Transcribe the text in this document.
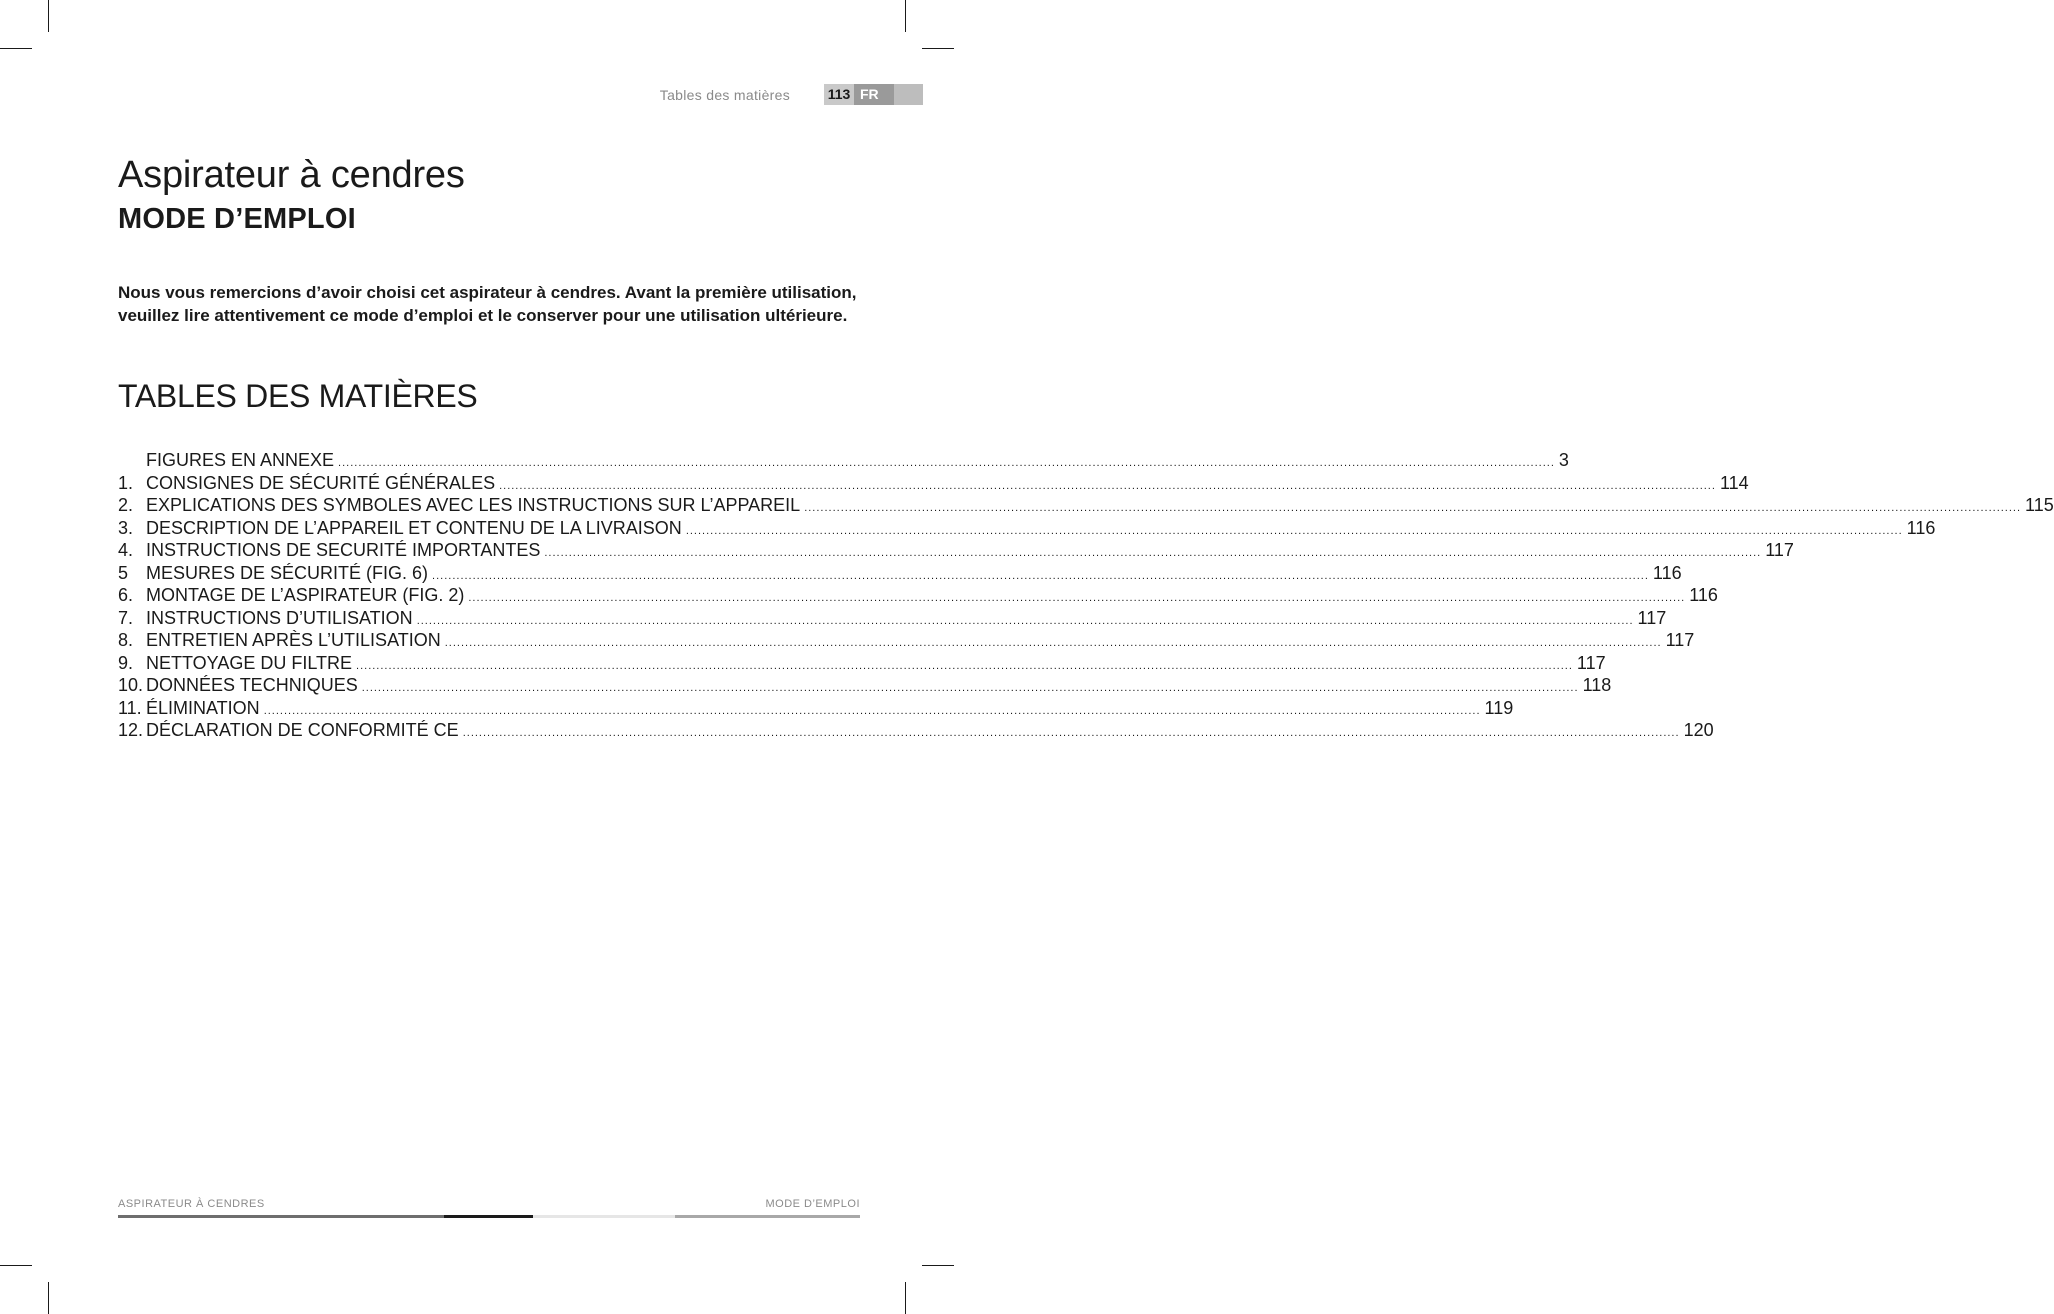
Tables des matières	113 FR
Aspirateur à cendres
MODE D’EMPLOI

Nous vous remercions d’avoir choisi cet aspirateur à cendres. Avant la première utilisation, veuillez lire attentivement ce mode d’emploi et le conserver pour une utilisation ultérieure.

TABLES DES MATIÈRES
FIGURES EN ANNEXE ............................................................................................................................................................................................................................................................................................................ 3
1. CONSIGNES DE SÉCURITÉ GÉNÉRALES ............................................................................................................................................................................................................................................................................................................ 114
2. EXPLICATIONS DES SYMBOLES AVEC LES INSTRUCTIONS SUR L’APPAREIL ............................................................................................................................................................................................................................................................................................................ 115
3. DESCRIPTION DE L’APPAREIL ET CONTENU DE LA LIVRAISON ............................................................................................................................................................................................................................................................................................................ 116
4. INSTRUCTIONS DE SECURITÉ IMPORTANTES ............................................................................................................................................................................................................................................................................................................ 117
5 MESURES DE SÉCURITÉ (FIG. 6) ............................................................................................................................................................................................................................................................................................................ 116
6. MONTAGE DE L’ASPIRATEUR (FIG. 2) ............................................................................................................................................................................................................................................................................................................ 116
7. INSTRUCTIONS D’UTILISATION ............................................................................................................................................................................................................................................................................................................ 117
8. ENTRETIEN APRÈS L’UTILISATION ............................................................................................................................................................................................................................................................................................................ 117
9. NETTOYAGE DU FILTRE ............................................................................................................................................................................................................................................................................................................ 117
10. DONNÉES TECHNIQUES ............................................................................................................................................................................................................................................................................................................ 118
11. ÉLIMINATION ............................................................................................................................................................................................................................................................................................................ 119
12. DÉCLARATION DE CONFORMITÉ CE ............................................................................................................................................................................................................................................................................................................ 120
ASPIRATEUR À CENDRES	MODE D’EMPLOI
